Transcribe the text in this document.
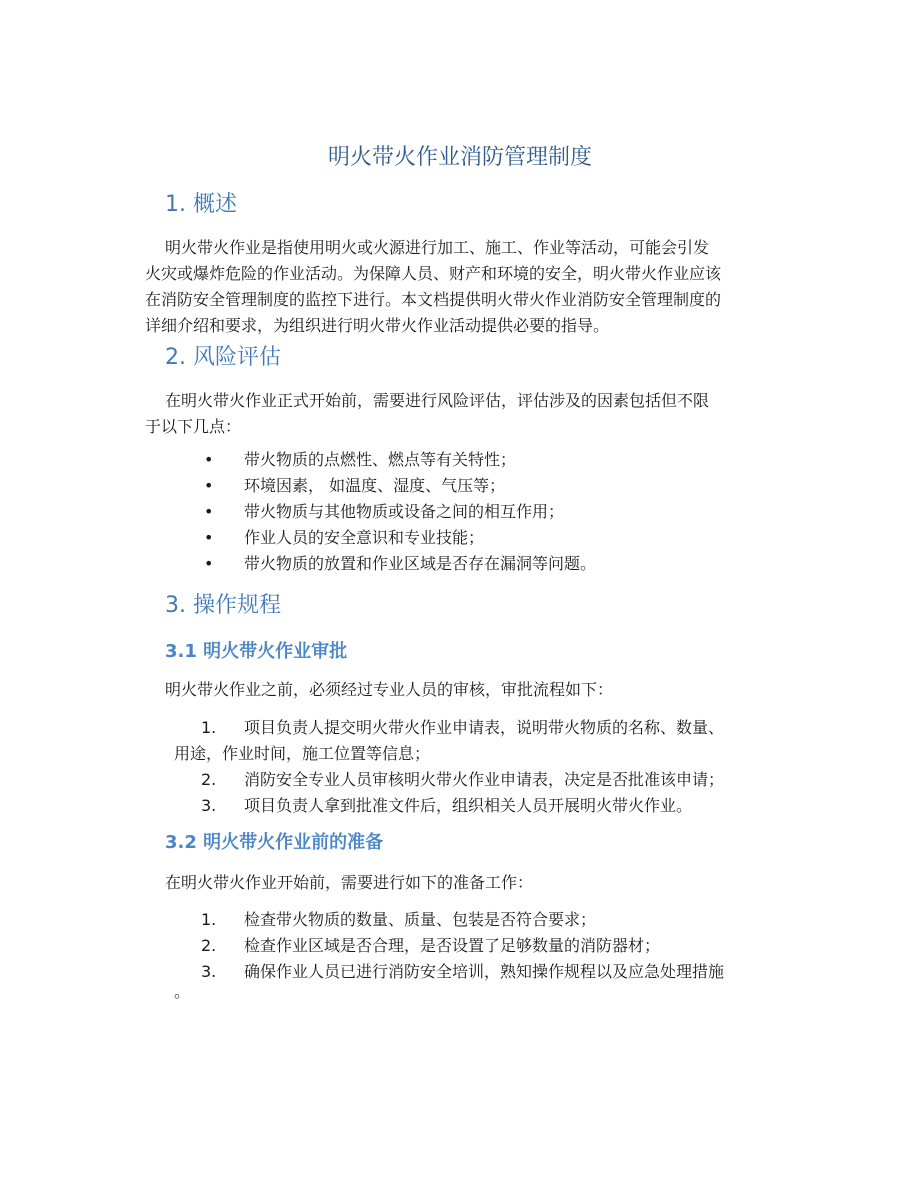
明火带火作业消防管理制度
1. 概述
明火带火作业是指使用明火或火源进行加工、施工、作业等活动，可能会引发
火灾或爆炸危险的作业活动。为保障人员、财产和环境的安全，明火带火作业应该
在消防安全管理制度的监控下进行。本文档提供明火带火作业消防安全管理制度的
详细介绍和要求，为组织进行明火带火作业活动提供必要的指导。
2. 风险评估
在明火带火作业正式开始前，需要进行风险评估，评估涉及的因素包括但不限
于以下几点：
•	带火物质的点燃性、燃点等有关特性；
•	环境因素， 如温度、湿度、气压等；
•	带火物质与其他物质或设备之间的相互作用；
•	作业人员的安全意识和专业技能；
•	带火物质的放置和作业区域是否存在漏洞等问题。
3. 操作规程
3.1 明火带火作业审批
明火带火作业之前，必须经过专业人员的审核，审批流程如下：
1.	项目负责人提交明火带火作业申请表，说明带火物质的名称、数量、
用途，作业时间，施工位置等信息；
2.	消防安全专业人员审核明火带火作业申请表，决定是否批准该申请；
3.	项目负责人拿到批准文件后，组织相关人员开展明火带火作业。
3.2 明火带火作业前的准备
在明火带火作业开始前，需要进行如下的准备工作：
1.	检查带火物质的数量、质量、包装是否符合要求；
2.	检查作业区域是否合理，是否设置了足够数量的消防器材；
3.	确保作业人员已进行消防安全培训，熟知操作规程以及应急处理措施
。
